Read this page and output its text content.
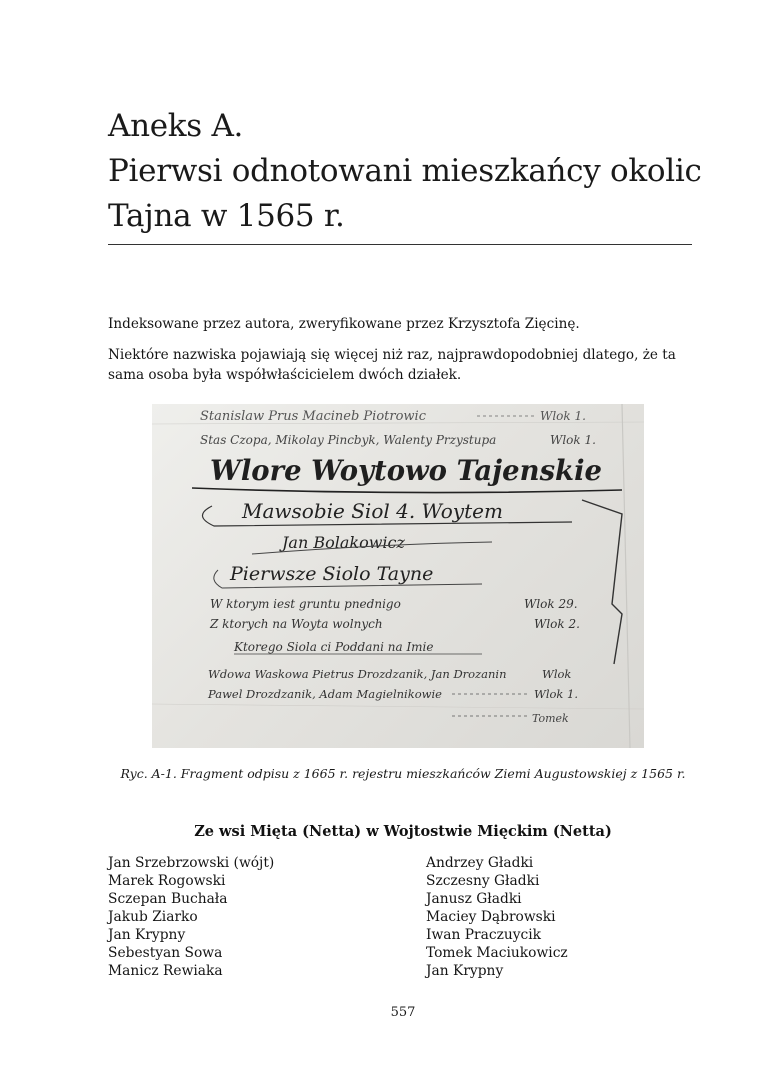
Aneks A.
Pierwsi odnotowani mieszkańcy okolic
Tajna w 1565 r.

Indeksowane przez autora, zweryfikowane przez Krzysztofa Zięcinę.

Niektóre nazwiska pojawiają się więcej niż raz, najprawdopodobniej dlatego, że ta sama osoba była współwłaścicielem dwóch działek.

Stanislaw Prus Macineb Piotrowic	Wlok 1.
Stas Czopa, Mikolay Pincbyk, Walenty Przystupa	Wlok 1.
Wlore Woytowo Tajenskie
Mawsobie Siol 4. Woytem
Jan Bolakowicz
Pierwsze Siolo Tayne
W ktorym iest gruntu pnednigo	Wlok 29.
Z ktorych na Woyta wolnych	Wlok 2.
Ktorego Siola ci Poddani na Imie
Wdowa Waskowa Pietrus Drozdzanik, Jan Drozanin	Wlok
Pawel Drozdzanik, Adam Magielnikowie	Wlok 1.
Tomek
Ryc. A-1. Fragment odpisu z 1665 r. rejestru mieszkańców Ziemi Augustowskiej z 1565 r.
Ze wsi Mięta (Netta) w Wojtostwie Mięckim (Netta)
Jan Srzebrzowski (wójt)
Marek Rogowski
Sczepan Buchała
Jakub Ziarko
Jan Krypny
Sebestyan Sowa
Manicz Rewiaka
Andrzey Gładki
Szczesny Gładki
Janusz Gładki
Maciey Dąbrowski
Iwan Praczuycik
Tomek Maciukowicz
Jan Krypny
557
